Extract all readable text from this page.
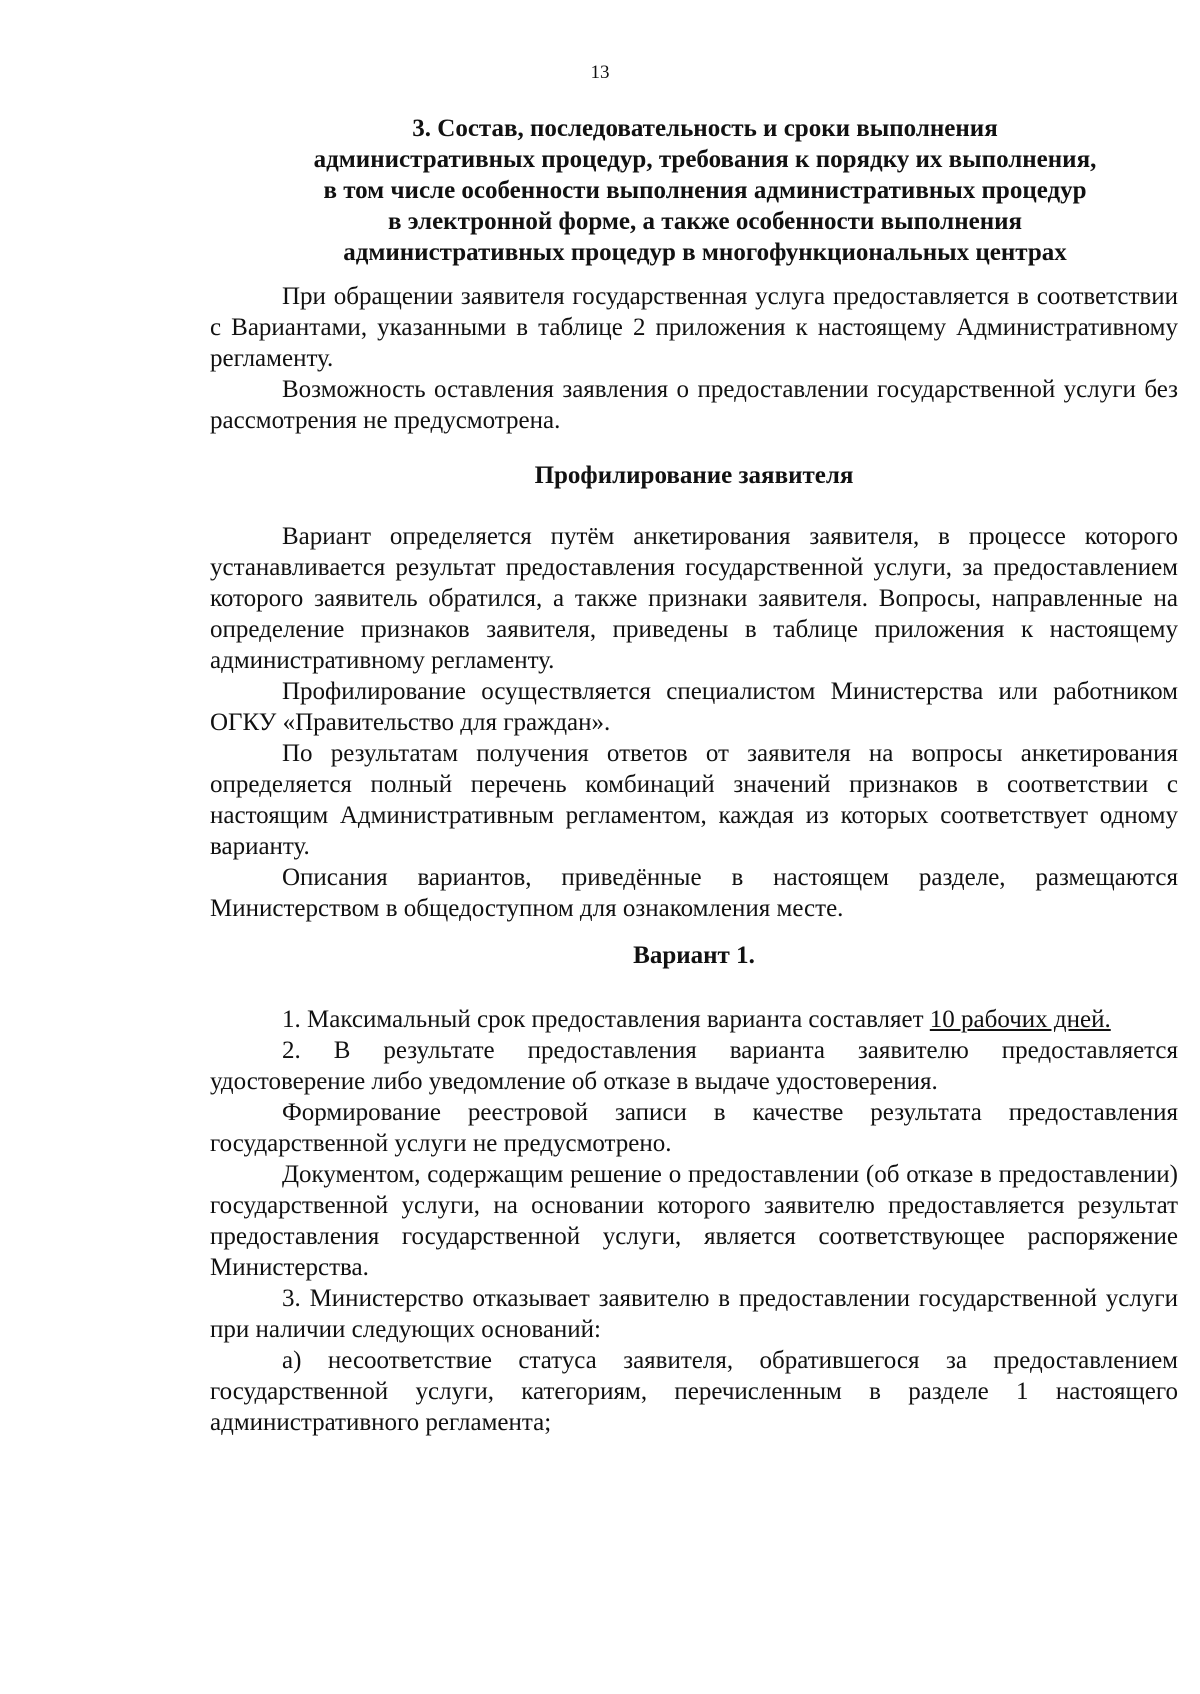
13
3. Состав, последовательность и сроки выполнения
административных процедур, требования к порядку их выполнения,
в том числе особенности выполнения административных процедур
в электронной форме, а также особенности выполнения
административных процедур в многофункциональных центрах

При обращении заявителя государственная услуга предоставляется в соответствии с Вариантами, указанными в таблице 2 приложения к настоящему Административному регламенту.

Возможность оставления заявления о предоставлении государственной услуги без рассмотрения не предусмотрена.

Профилирование заявителя

Вариант определяется путём анкетирования заявителя, в процессе которого устанавливается результат предоставления государственной услуги, за предоставлением которого заявитель обратился, а также признаки заявителя. Вопросы, направленные на определение признаков заявителя, приведены в таблице приложения к настоящему административному регламенту.

Профилирование осуществляется специалистом Министерства или работником ОГКУ «Правительство для граждан».

По результатам получения ответов от заявителя на вопросы анкетирования определяется полный перечень комбинаций значений признаков в соответствии с настоящим Административным регламентом, каждая из которых соответствует одному варианту.

Описания вариантов, приведённые в настоящем разделе, размещаются Министерством в общедоступном для ознакомления месте.

Вариант 1.

1. Максимальный срок предоставления варианта составляет 10 рабочих дней.

2. В результате предоставления варианта заявителю предоставляется удостоверение либо уведомление об отказе в выдаче удостоверения.

Формирование реестровой записи в качестве результата предоставления государственной услуги не предусмотрено.

Документом, содержащим решение о предоставлении (об отказе в предоставлении) государственной услуги, на основании которого заявителю предоставляется результат предоставления государственной услуги, является соответствующее распоряжение Министерства.

3. Министерство отказывает заявителю в предоставлении государственной услуги при наличии следующих оснований:

а) несоответствие статуса заявителя, обратившегося за предоставлением государственной услуги, категориям, перечисленным в разделе 1 настоящего административного регламента;
